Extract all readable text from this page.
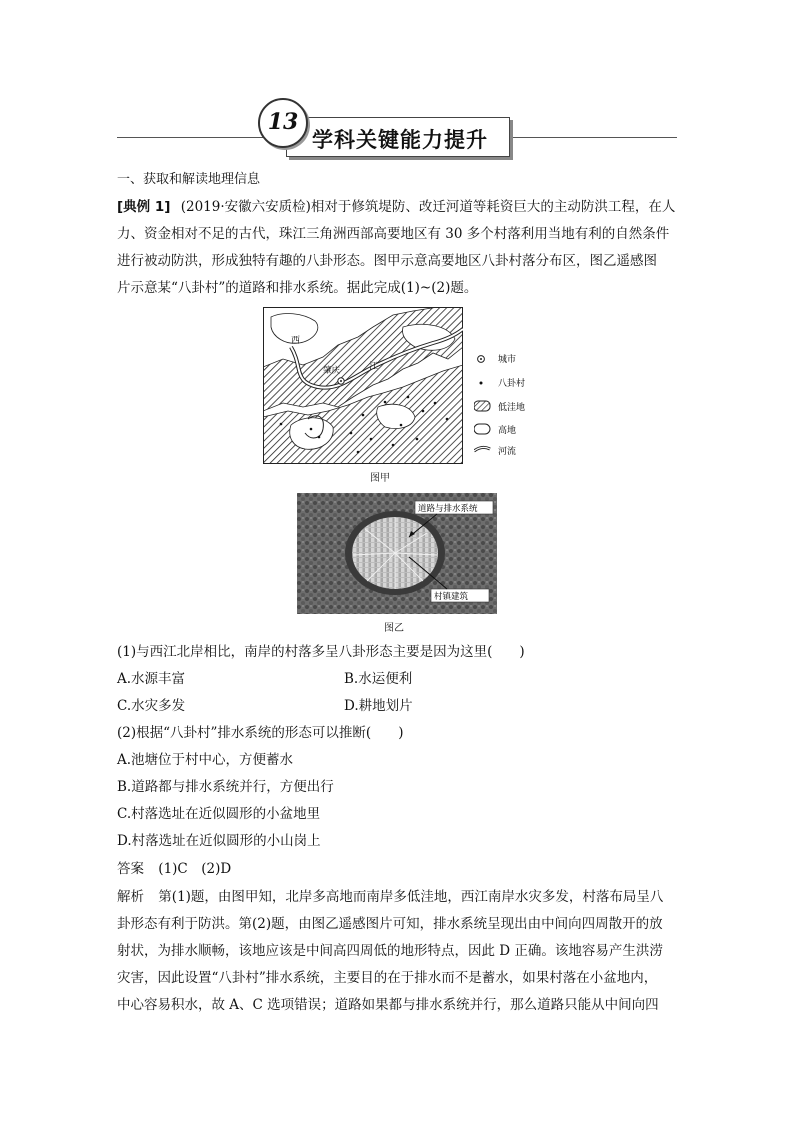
学科关键能力提升
13
一、获取和解读地理信息
[典例 1] (2019·安徽六安质检)相对于修筑堤防、改迁河道等耗资巨大的主动防洪工程，在人
力、资金相对不足的古代，珠江三角洲西部高要地区有 30 多个村落利用当地有利的自然条件
进行被动防洪，形成独特有趣的八卦形态。图甲示意高要地区八卦村落分布区，图乙遥感图
片示意某“八卦村”的道路和排水系统。据此完成(1)~(2)题。
西
江
肇庆
城市
八卦村
低洼地
高地
河流
图甲
道路与排水系统
村镇建筑
图乙
(1)与西江北岸相比，南岸的村落多呈八卦形态主要是因为这里(　　)
A.水源丰富	B.水运便利
C.水灾多发	D.耕地划片
(2)根据“八卦村”排水系统的形态可以推断(　　)
A.池塘位于村中心，方便蓄水
B.道路都与排水系统并行，方便出行
C.村落选址在近似圆形的小盆地里
D.村落选址在近似圆形的小山岗上
答案 (1)C　(2)D
解析 第(1)题，由图甲知，北岸多高地而南岸多低洼地，西江南岸水灾多发，村落布局呈八
卦形态有利于防洪。第(2)题，由图乙遥感图片可知，排水系统呈现出由中间向四周散开的放
射状，为排水顺畅，该地应该是中间高四周低的地形特点，因此 D 正确。该地容易产生洪涝
灾害，因此设置“八卦村”排水系统，主要目的在于排水而不是蓄水，如果村落在小盆地内，
中心容易积水，故 A、C 选项错误；道路如果都与排水系统并行，那么道路只能从中间向四
